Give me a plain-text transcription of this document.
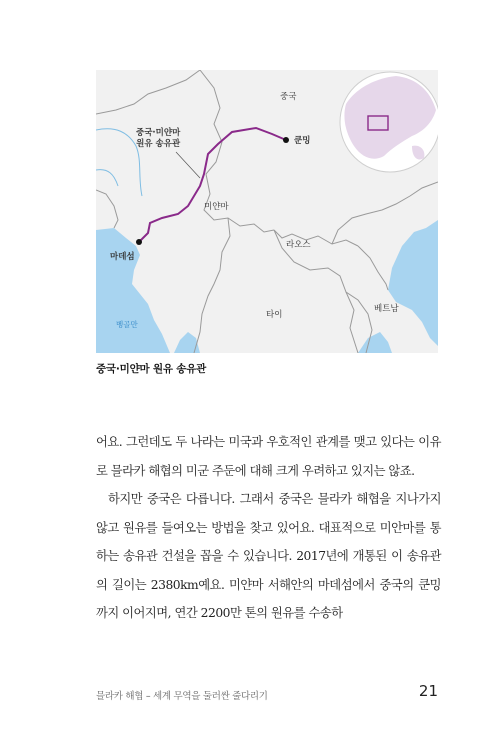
중국
쿤밍
중국·미얀마
원유 송유관
미얀마
마데섬
라오스
타이
베트남
벵골만
중국·미얀마 원유 송유관

어요. 그런데도 두 나라는 미국과 우호적인 관계를 맺고 있다는 이유로 믈라카 해협의 미군 주둔에 대해 크게 우려하고 있지는 않죠.

하지만 중국은 다릅니다. 그래서 중국은 믈라카 해협을 지나가지 않고 원유를 들여오는 방법을 찾고 있어요. 대표적으로 미안마를 통하는 송유관 건설을 꼽을 수 있습니다. 2017년에 개통된 이 송유관의 길이는 2380km예요. 미얀마 서해안의 마데섬에서 중국의 쿤밍까지 이어지며, 연간 2200만 톤의 원유를 수송하

믈라카 해협 – 세계 무역을 둘러싼 줄다리기	21
